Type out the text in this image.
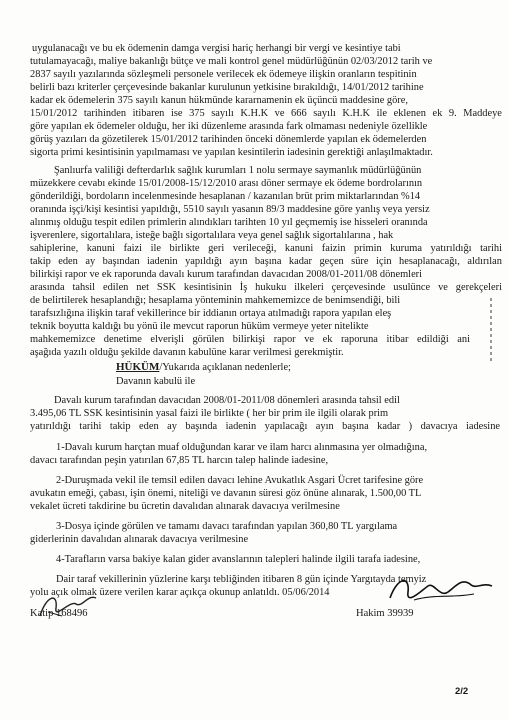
uygulanacağı ve bu ek ödemenin damga vergisi hariç herhangi bir vergi ve kesintiye tabi
tutulamayacağı, maliye bakanlığı bütçe ve mali kontrol genel müdürlüğünün 02/03/2012 tarih ve
2837 sayılı yazılarında sözleşmeli personele verilecek ek ödemeye ilişkin oranların tespitinin
belirli bazı kriterler çerçevesinde bakanlar kurulunun yetkisine bırakıldığı, 14/01/2012 tarihine
kadar ek ödemelerin 375 sayılı kanun hükmünde kararnamenin ek üçüncü maddesine göre,
15/01/2012 tarihinden itibaren ise 375 sayılı K.H.K ve 666 sayılı K.H.K ile eklenen ek 9. Maddeye
göre yapılan ek ödemeler olduğu, her iki düzenleme arasında fark olmaması nedeniyle özellikle
görüş yazıları da gözetilerek 15/01/2012 tarihinden önceki dönemlerde yapılan ek ödemelerden
sigorta primi kesintisinin yapılmaması ve yapılan kesintilerin iadesinin gerektiği anlaşılmaktadır.
Şanlıurfa valiliği defterdarlık sağlık kurumları 1 nolu sermaye saymanlık müdürlüğünün
müzekkere cevabı ekinde 15/01/2008-15/12/2010 arası döner sermaye ek ödeme bordrolarının
gönderildiği, bordoların incelenmesinde hesaplanan / kazanılan brüt prim miktarlarından %14
oranında işçi/kişi kesintisi yapıldığı, 5510 sayılı yasanın 89/3 maddesine göre yanlış veya yersiz
alınmış olduğu tespit edilen primlerin alındıkları tarihten 10 yıl geçmemiş ise hisseleri oranında
işverenlere, sigortalılara, isteğe bağlı sigortalılara veya genel sağlık sigortalılarına , hak
sahiplerine, kanuni faizi ile birlikte geri verileceği, kanuni faizin primin kuruma yatırıldığı tarihi
takip eden ay başından iadenin yapıldığı ayın başına kadar geçen süre için hesaplanacağı, aldırılan
bilirkişi rapor ve ek raporunda davalı kurum tarafından davacıdan 2008/01-2011/08 dönemleri
arasında tahsil edilen net SSK kesintisinin İş hukuku ilkeleri çerçevesinde usulünce ve gerekçeleri
de belirtilerek hesaplandığı; hesaplama yönteminin mahkememizce de benimsendiği, bili
tarafsızlığına ilişkin taraf vekillerince bir iddianın ortaya atılmadığı rapora yapılan eleş
teknik boyutta kaldığı bu yönü ile mevcut raporun hüküm vermeye yeter nitelikte
mahkememizce denetime elverişli görülen bilirkişi rapor ve ek raporuna itibar edildiği ani
aşağıda yazılı olduğu şekilde davanın kabulüne karar verilmesi gerekmiştir.
HÜKÜM/Yukarıda açıklanan nedenlerle;
Davanın kabulü ile
Davalı kurum tarafından davacıdan 2008/01-2011/08 dönemleri arasında tahsil edil
3.495,06 TL SSK kesintisinin yasal faizi ile birlikte ( her bir prim ile ilgili olarak prim
yatırıldığı tarihi takip eden ay başında iadenin yapılacağı ayın başına kadar ) davacıya iadesine
1-Davalı kurum harçtan muaf olduğundan karar ve ilam harcı alınmasına yer olmadığına,
davacı tarafından peşin yatırılan 67,85 TL harcın talep halinde iadesine,
2-Duruşmada vekil ile temsil edilen davacı lehine Avukatlık Asgari Ücret tarifesine göre
avukatın emeği, çabası, işin önemi, niteliği ve davanın süresi göz önüne alınarak, 1.500,00 TL
vekalet ücreti takdirine bu ücretin davalıdan alınarak davacıya verilmesine
3-Dosya içinde görülen ve tamamı davacı tarafından yapılan 360,80 TL yargılama
giderlerinin davalıdan alınarak davacıya verilmesine
4-Tarafların varsa bakiye kalan gider avanslarının talepleri halinde ilgili tarafa iadesine,
Dair taraf vekillerinin yüzlerine karşı tebliğinden itibaren 8 gün içinde Yargıtayda temyiz
yolu açık olmak üzere verilen karar açıkça okunup anlatıldı. 05/06/2014
Katip 168496	Hakim 39939
2/2
